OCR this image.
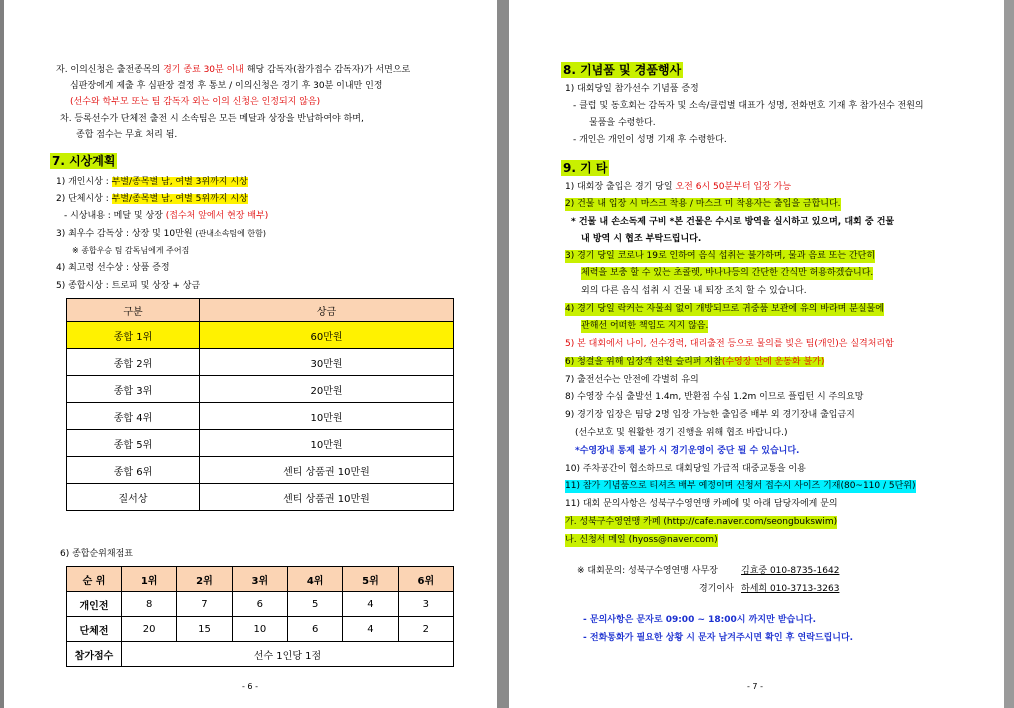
자. 이의신청은 출전종목의 경기 종료 30분 이내 해당 감독자(참가접수 감독자)가 서면으로
심판장에게 제출 후 심판장 결정 후 통보 / 이의신청은 경기 후 30분 이내만 인정
(선수와 학부모 또는 팀 감독자 외는 이의 신청은 인정되지 않음)
차. 등록선수가 단체전 출전 시 소속팀은 모든 메달과 상장을 반납하여야 하며,
종합 점수는 무효 처리 됨.
7. 시상계획
1) 개인시상 : 부별/종목별 남, 여별 3위까지 시상
2) 단체시상 : 부별/종목별 남, 여별 5위까지 시상
- 시상내용 : 메달 및 상장 (접수처 앞에서 현장 배부)
3) 최우수 감독상 : 상장 및 10만원 (관내소속팀에 한함)
※ 종합우승 팀 감독님에게 주어짐
4) 최고령 선수상 : 상품 증정
5) 종합시상 : 트로피 및 상장 + 상금
구분	상금
종합 1위	60만원
종합 2위	30만원
종합 3위	20만원
종합 4위	10만원
종합 5위	10만원
종합 6위	센티 상품권 10만원
질서상	센티 상품권 10만원
6) 종합순위채점표
순 위	1위	2위	3위	4위	5위	6위
개인전	8	7	6	5	4	3
단체전	20	15	10	6	4	2
참가점수	선수 1인당 1점					
- 6 -
8. 기념품 및 경품행사
1) 대회당일 참가선수 기념품 증정
- 클럽 및 동호회는 감독자 및 소속/클럽별 대표가 성명, 전화번호 기재 후 참가선수 전원의
물품을 수령한다.
- 개인은 개인이 성명 기재 후 수령한다.
9. 기 타
1) 대회장 출입은 경기 당일 오전 6시 50분부터 입장 가능
2) 건물 내 입장 시 마스크 착용 / 마스크 미 착용자는 출입을 금합니다.
* 건물 내 손소독제 구비 *본 건물은 수시로 방역을 실시하고 있으며, 대회 중 건물
내 방역 시 협조 부탁드립니다.
3) 경기 당일 코로나 19로 인하여 음식 섭취는 불가하며, 물과 음료 또는 간단히
체력을 보충 할 수 있는 초콜렛, 바나나등의 간단한 간식만 허용하겠습니다.
외의 다른 음식 섭취 시 건물 내 퇴장 조치 할 수 있습니다.
4) 경기 당일 락커는 자물쇠 없이 개방되므로 귀중품 보관에 유의 바라며 분실물에
관해선 어떠한 책임도 지지 않음.
5) 본 대회에서 나이, 선수경력, 대리출전 등으로 물의를 빚은 팀(개인)은 실격처리함
6) 청결을 위해 입장객 전원 슬리퍼 지참(수영장 안에 운동화 불가)
7) 출전선수는 안전에 각별히 유의
8) 수영장 수심 출발선 1.4m, 반환점 수심 1.2m 이므로 플립턴 시 주의요망
9) 경기장 입장은 팀당 2명 입장 가능한 출입증 배부 외 경기장내 출입금지
(선수보호 및 원활한 경기 진행을 위해 협조 바랍니다.)
*수영장내 통제 불가 시 경기운영이 중단 될 수 있습니다.
10) 주차공간이 협소하므로 대회당일 가급적 대중교통을 이용
11) 참가 기념품으로 티셔츠 배부 예정이며 신청서 접수시 사이즈 기재(80~110 / 5단위)
11) 대회 문의사항은 성북구수영연맹 카페에 및 아래 담당자에게 문의
가. 성북구수영연맹 카페 (http://cafe.naver.com/seongbukswim)
나. 신청서 메일 (hyoss@naver.com)
※ 대회문의: 성북구수영연맹 사무장	김효중 010-8735-1642
경기이사 하세희 010-3713-3263
- 문의사항은 문자로 09:00 ~ 18:00시 까지만 받습니다.
- 전화통화가 필요한 상황 시 문자 남겨주시면 확인 후 연락드립니다.
- 7 -
